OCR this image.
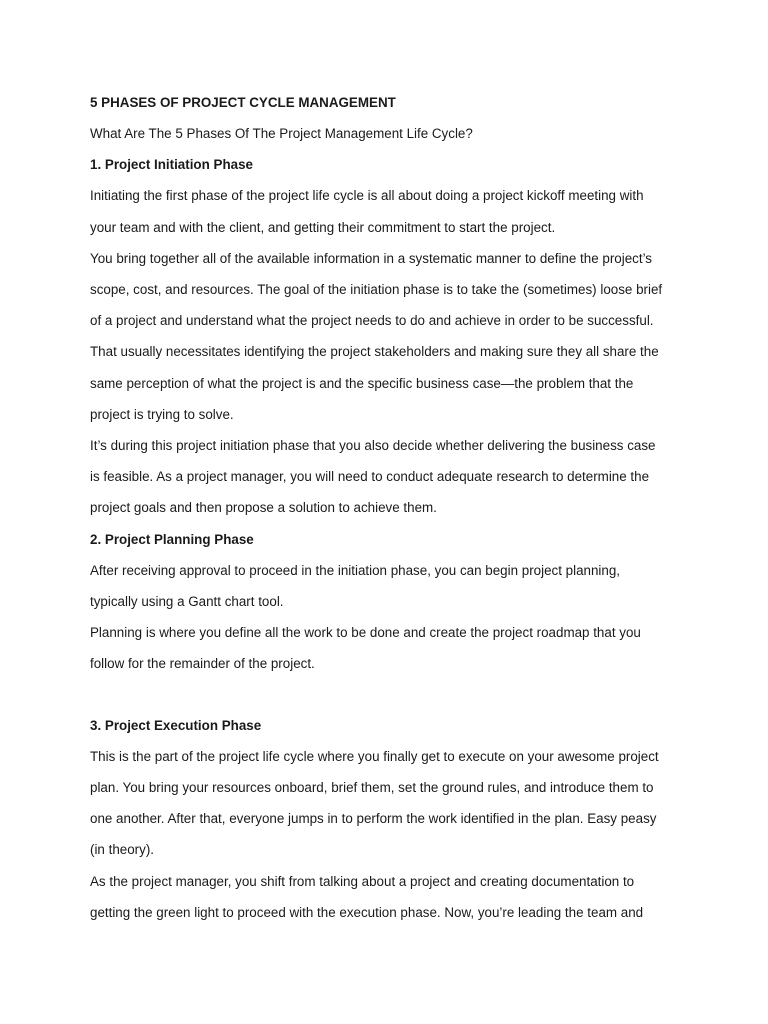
5 PHASES OF PROJECT CYCLE MANAGEMENT

What Are The 5 Phases Of The Project Management Life Cycle?

1. Project Initiation Phase

Initiating the first phase of the project life cycle is all about doing a project kickoff meeting with

your team and with the client, and getting their commitment to start the project.

You bring together all of the available information in a systematic manner to define the project’s

scope, cost, and resources. The goal of the initiation phase is to take the (sometimes) loose brief

of a project and understand what the project needs to do and achieve in order to be successful.

That usually necessitates identifying the project stakeholders and making sure they all share the

same perception of what the project is and the specific business case—the problem that the

project is trying to solve.

It’s during this project initiation phase that you also decide whether delivering the business case

is feasible. As a project manager, you will need to conduct adequate research to determine the

project goals and then propose a solution to achieve them.

2. Project Planning Phase

After receiving approval to proceed in the initiation phase, you can begin project planning,

typically using a Gantt chart tool.

Planning is where you define all the work to be done and create the project roadmap that you

follow for the remainder of the project.

3. Project Execution Phase

This is the part of the project life cycle where you finally get to execute on your awesome project

plan. You bring your resources onboard, brief them, set the ground rules, and introduce them to

one another. After that, everyone jumps in to perform the work identified in the plan. Easy peasy

(in theory).

As the project manager, you shift from talking about a project and creating documentation to

getting the green light to proceed with the execution phase. Now, you’re leading the team and
